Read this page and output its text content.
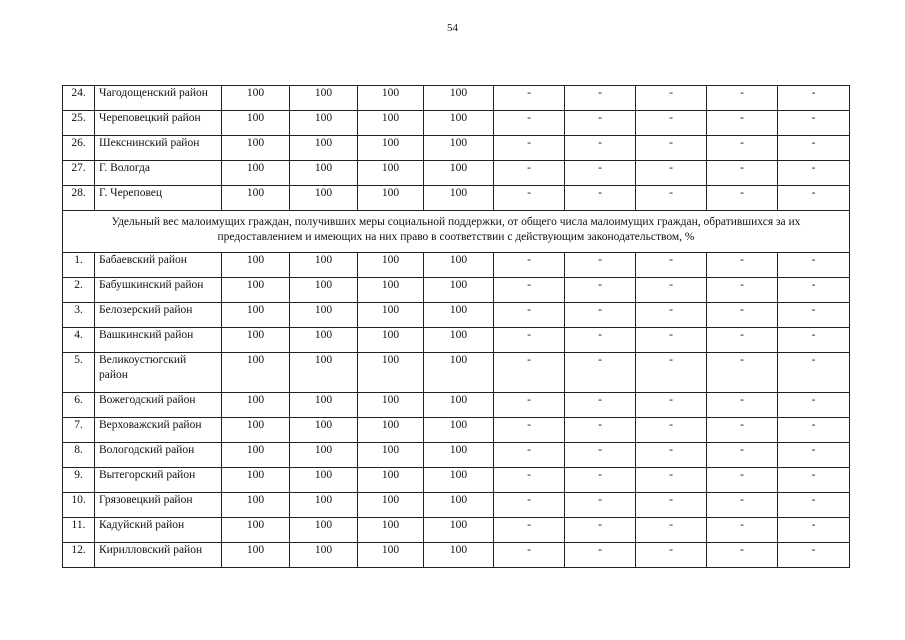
54
24.	Чагодощенский район	100	100	100	100	-	-	-	-	-
25.	Череповецкий район	100	100	100	100	-	-	-	-	-
26.	Шекснинский район	100	100	100	100	-	-	-	-	-
27.	Г. Вологда	100	100	100	100	-	-	-	-	-
28.	Г. Череповец	100	100	100	100	-	-	-	-	-
Удельный вес малоимущих граждан, получивших меры социальной поддержки, от общего числа малоимущих граждан, обратившихся за их предоставлением и имеющих на них право в соответствии с действующим законодательством, %										
1.	Бабаевский район	100	100	100	100	-	-	-	-	-
2.	Бабушкинский район	100	100	100	100	-	-	-	-	-
3.	Белозерский район	100	100	100	100	-	-	-	-	-
4.	Вашкинский район	100	100	100	100	-	-	-	-	-
5.	Великоустюгский район	100	100	100	100	-	-	-	-	-
6.	Вожегодский район	100	100	100	100	-	-	-	-	-
7.	Верховажский район	100	100	100	100	-	-	-	-	-
8.	Вологодский район	100	100	100	100	-	-	-	-	-
9.	Вытегорский район	100	100	100	100	-	-	-	-	-
10.	Грязовецкий район	100	100	100	100	-	-	-	-	-
11.	Кадуйский район	100	100	100	100	-	-	-	-	-
12.	Кирилловский район	100	100	100	100	-	-	-	-	-
